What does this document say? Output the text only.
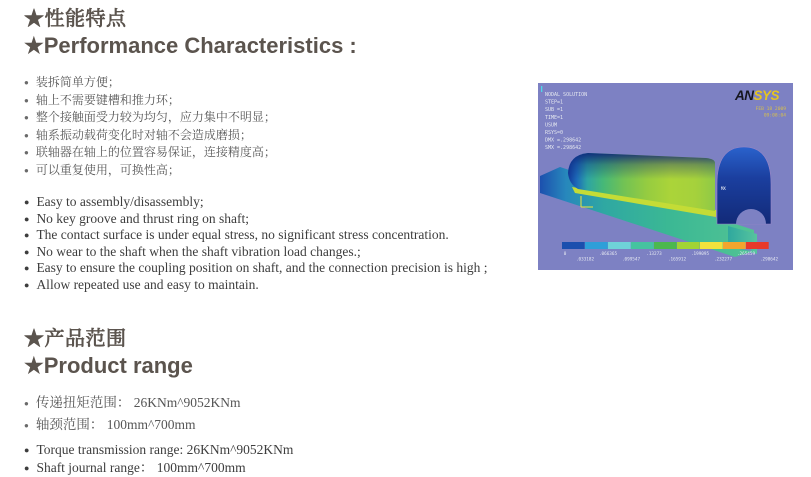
★性能特点
★Performance Characteristics :
● 装拆简单方便；
● 轴上不需要键槽和推力环；
● 整个接触面受力较为均匀，应力集中不明显；
● 轴系振动载荷变化时对轴不会造成磨损；
● 联轴器在轴上的位置容易保证，连接精度高；
● 可以重复使用，可换性高；
● Easy to assembly/disassembly;
● No key groove and thrust ring on shaft;
● The contact surface is under equal stress, no significant stress concentration.
● No wear to the shaft when the shaft vibration load changes.;
● Easy to ensure the coupling position on shaft, and the connection precision is high ;
● Allow repeated use and easy to maintain.
★产品范围
★Product range
● 传递扭矩范围： 26KNm^9052KNm
● 轴颈范围： 100mm^700mm
● Torque transmission range: 26KNm^9052KNm
● Shaft journal range： 100mm^700mm
MX
NODAL SOLUTION
STEP=1
SUB =1
TIME=1
USUM
RSYS=0
DMX =.298642
SMX =.298642
ANSYS
FEB 18 2009
09:08:04
0
.033182
.066365
.099547
.13273
.165912
.199095
.232277
.265459
.298642
